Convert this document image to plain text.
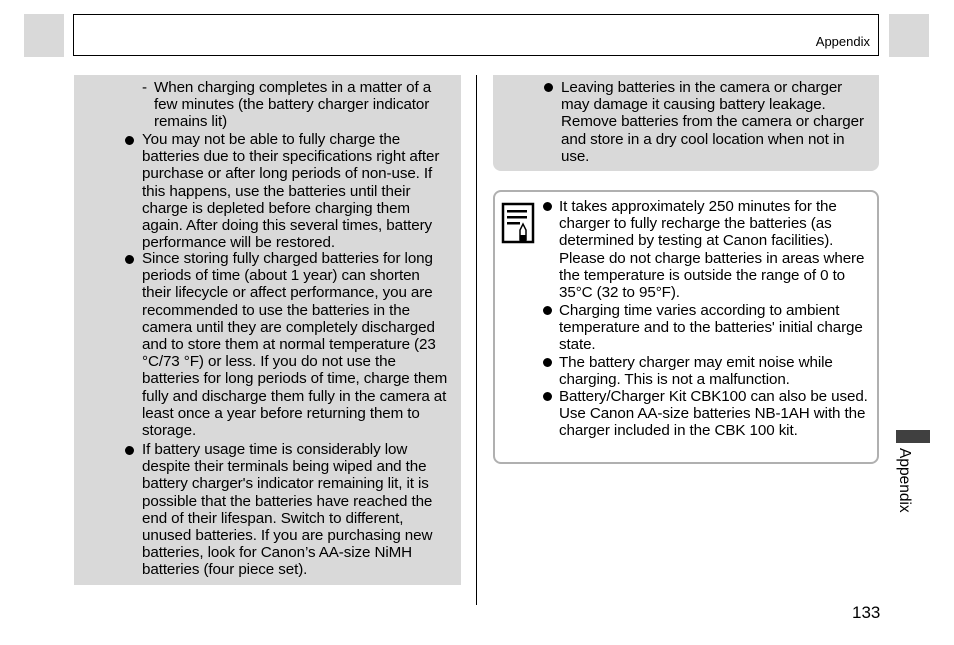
Appendix
- When charging completes in a matter of a few minutes (the battery charger indicator remains lit)
You may not be able to fully charge the batteries due to their specifications right after purchase or after long periods of non-use. If this happens, use the batteries until their charge is depleted before charging them again. After doing this several times, battery performance will be restored.
Since storing fully charged batteries for long periods of time (about 1 year) can shorten their lifecycle or affect performance, you are recommended to use the batteries in the camera until they are completely discharged and to store them at normal temperature (23 °C/73 °F) or less. If you do not use the batteries for long periods of time, charge them fully and discharge them fully in the camera at least once a year before returning them to storage.
If battery usage time is considerably low despite their terminals being wiped and the battery charger's indicator remaining lit, it is possible that the batteries have reached the end of their lifespan. Switch to different, unused batteries. If you are purchasing new batteries, look for Canon’s AA-size NiMH batteries (four piece set).
Leaving batteries in the camera or charger may damage it causing battery leakage. Remove batteries from the camera or charger and store in a dry cool location when not in use.
It takes approximately 250 minutes for the charger to fully recharge the batteries (as determined by testing at Canon facilities). Please do not charge batteries in areas where the temperature is outside the range of 0 to 35°C (32 to 95°F).
Charging time varies according to ambient temperature and to the batteries' initial charge state.
The battery charger may emit noise while charging. This is not a malfunction.
Battery/Charger Kit CBK100 can also be used. Use Canon AA-size batteries NB-1AH with the charger included in the CBK 100 kit.
Appendix
133
